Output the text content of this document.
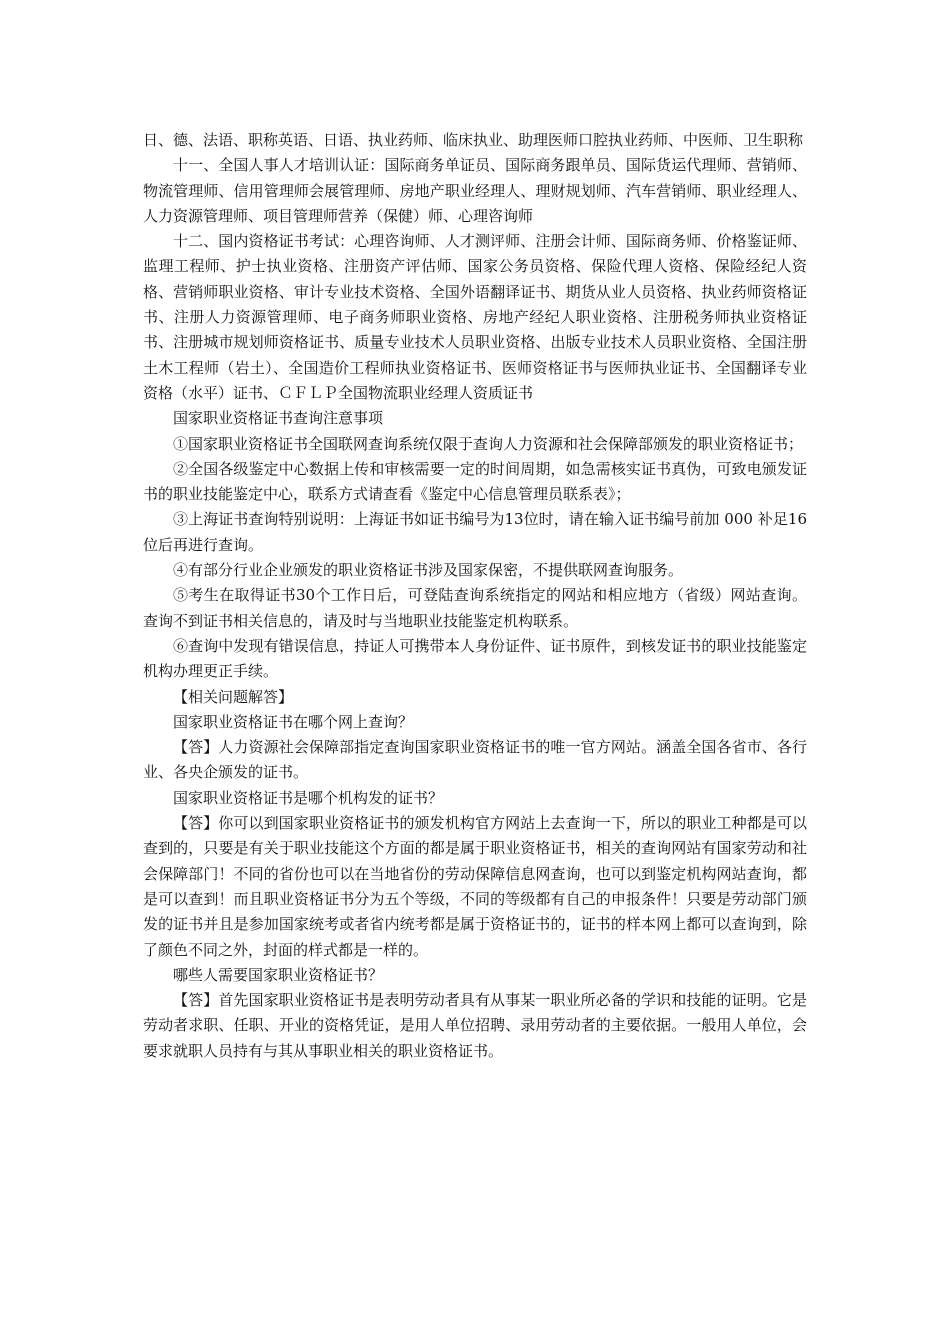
日、德、法语、职称英语、日语、执业药师、临床执业、助理医师口腔执业药师、中医师、卫生职称

十一、全国人事人才培训认证：国际商务单证员、国际商务跟单员、国际货运代理师、营销师、物流管理师、信用管理师会展管理师、房地产职业经理人、理财规划师、汽车营销师、职业经理人、人力资源管理师、项目管理师营养（保健）师、心理咨询师

十二、国内资格证书考试：心理咨询师、人才测评师、注册会计师、国际商务师、价格鉴证师、监理工程师、护士执业资格、注册资产评估师、国家公务员资格、保险代理人资格、保险经纪人资格、营销师职业资格、审计专业技术资格、全国外语翻译证书、期货从业人员资格、执业药师资格证书、注册人力资源管理师、电子商务师职业资格、房地产经纪人职业资格、注册税务师执业资格证书、注册城市规划师资格证书、质量专业技术人员职业资格、出版专业技术人员职业资格、全国注册土木工程师（岩土）、全国造价工程师执业资格证书、医师资格证书与医师执业证书、全国翻译专业资格（水平）证书、ＣＦＬＰ全国物流职业经理人资质证书

国家职业资格证书查询注意事项

①国家职业资格证书全国联网查询系统仅限于查询人力资源和社会保障部颁发的职业资格证书；

②全国各级鉴定中心数据上传和审核需要一定的时间周期，如急需核实证书真伪，可致电颁发证书的职业技能鉴定中心，联系方式请查看《鉴定中心信息管理员联系表》；

③上海证书查询特别说明：上海证书如证书编号为13位时，请在输入证书编号前加 000 补足16位后再进行查询。

④有部分行业企业颁发的职业资格证书涉及国家保密，不提供联网查询服务。

⑤考生在取得证书30个工作日后，可登陆查询系统指定的网站和相应地方（省级）网站查询。查询不到证书相关信息的，请及时与当地职业技能鉴定机构联系。

⑥查询中发现有错误信息，持证人可携带本人身份证件、证书原件，到核发证书的职业技能鉴定机构办理更正手续。

【相关问题解答】

国家职业资格证书在哪个网上查询？

【答】人力资源社会保障部指定查询国家职业资格证书的唯一官方网站。涵盖全国各省市、各行业、各央企颁发的证书。

国家职业资格证书是哪个机构发的证书？

【答】你可以到国家职业资格证书的颁发机构官方网站上去查询一下，所以的职业工种都是可以查到的，只要是有关于职业技能这个方面的都是属于职业资格证书，相关的查询网站有国家劳动和社会保障部门！不同的省份也可以在当地省份的劳动保障信息网查询，也可以到鉴定机构网站查询，都是可以查到！而且职业资格证书分为五个等级，不同的等级都有自己的申报条件！只要是劳动部门颁发的证书并且是参加国家统考或者省内统考都是属于资格证书的，证书的样本网上都可以查询到，除了颜色不同之外，封面的样式都是一样的。

哪些人需要国家职业资格证书？

【答】首先国家职业资格证书是表明劳动者具有从事某一职业所必备的学识和技能的证明。它是劳动者求职、任职、开业的资格凭证，是用人单位招聘、录用劳动者的主要依据。一般用人单位，会要求就职人员持有与其从事职业相关的职业资格证书。
